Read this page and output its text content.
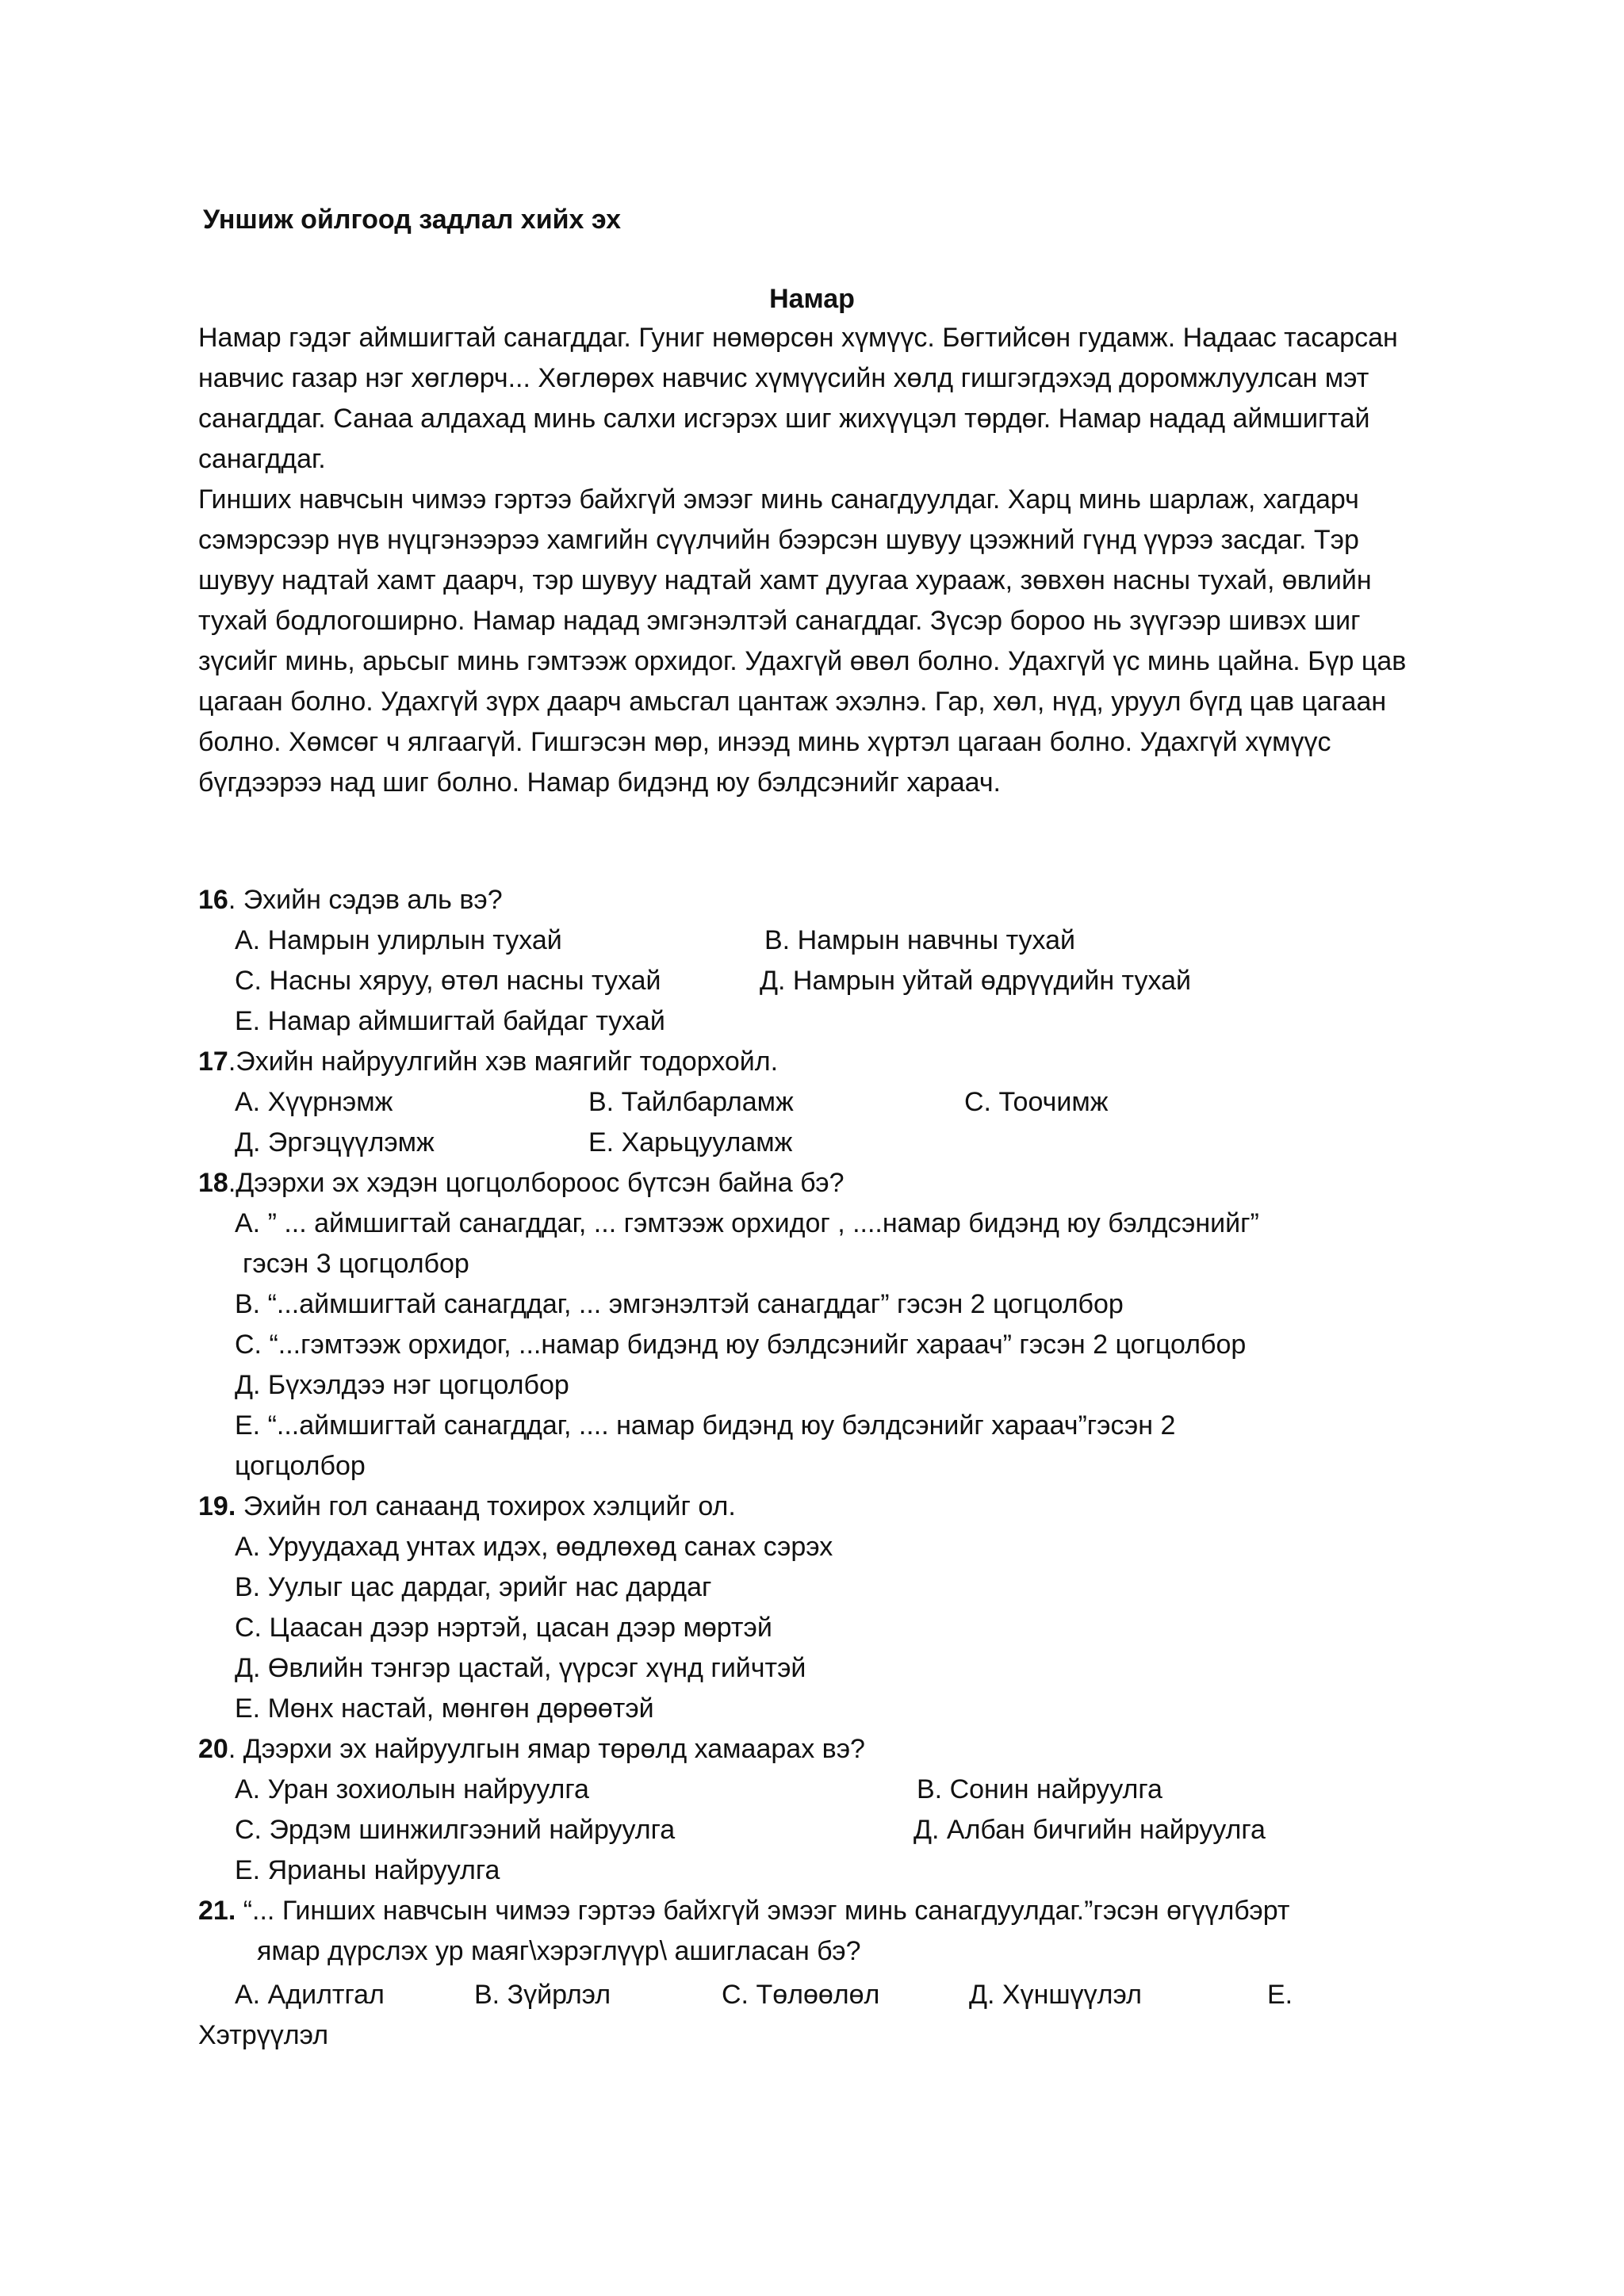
Уншиж ойлгоод задлал хийх эх
Намар

Намар гэдэг аймшигтай санагддаг. Гуниг нөмөрсөн хүмүүс. Бөгтийсөн гудамж. Надаас тасарсан навчис газар нэг хөглөрч... Хөглөрөх навчис хүмүүсийн хөлд гишгэгдэхэд доромжлуулсан мэт санагддаг. Санаа алдахад минь салхи исгэрэх шиг жихүүцэл төрдөг. Намар надад аймшигтай санагддаг.

Гинших навчсын чимээ гэртээ байхгүй эмээг минь санагдуулдаг. Харц минь шарлаж, хагдарч сэмэрсээр нүв нүцгэнээрээ хамгийн сүүлчийн бээрсэн шувуу цээжний гүнд үүрээ засдаг. Тэр шувуу надтай хамт даарч, тэр шувуу надтай хамт дуугаа хураaж, зөвхөн насны тухай, өвлийн тухай бодлогоширно. Намар надад эмгэнэлтэй санагддаг. Зүсэр бороо нь зүүгээр шивэх шиг зүсийг минь, арьсыг минь гэмтээж орхидог. Удахгүй өвөл болно. Удахгүй үс минь цайна. Бүр цав цагаан болно. Удахгүй зүрх даарч амьсгал цантаж эхэлнэ. Гар, хөл, нүд, уруул бүгд цав цагаан болно. Хөмсөг ч ялгаагүй. Гишгэсэн мөр, инээд минь хүртэл цагаан болно. Удахгүй хүмүүс бүгдээрээ над шиг болно. Намар бидэнд юу бэлдсэнийг хараач.

16. Эхийн сэдэв аль вэ?
А. Намрын улирлын тухай	В. Намрын навчны тухай
С. Насны хяруу, өтөл насны тухай	Д. Намрын уйтай өдрүүдийн тухай
Е. Намар аймшигтай байдаг тухай
17.Эхийн найруулгийн хэв маягийг тодорхойл.
А. Хүүрнэмж	В. Тайлбарламж	С. Тоочимж
Д. Эргэцүүлэмж	Е. Харьцуулaмж
18.Дээрхи эх хэдэн цогцолбороос бүтсэн байна бэ?
А. ” ... аймшигтай санагддаг, ... гэмтээж орхидог , ....намар бидэнд юу бэлдсэнийг”
гэсэн 3 цогцолбор
В. “...аймшигтай санагддаг, ... эмгэнэлтэй санагддаг” гэсэн 2 цогцолбор
С. “...гэмтээж орхидог, ...намар бидэнд юу бэлдсэнийг хараач” гэсэн 2 цогцолбор
Д. Бүхэлдээ нэг цогцолбор
Е. “...аймшигтай санагддаг, .... намар бидэнд юу бэлдсэнийг хараач”гэсэн 2
цогцолбор
19. Эхийн гол санаанд тохирох хэлцийг ол.
А. Уруудахад унтах идэх, өөдлөхөд санах сэрэх
В. Уулыг цас дардаг, эрийг нас дардаг
С. Цаасан дээр нэртэй, цасан дээр мөртэй
Д. Өвлийн тэнгэр цастай, үүрсэг хүнд гийчтэй
Е. Мөнх настай, мөнгөн дөрөөтэй
20. Дээрхи эх найруулгын ямар төрөлд хамаарах вэ?
А. Уран зохиолын найруулга	В. Сонин найруулга
С. Эрдэм шинжилгээний найруулга	Д. Албан бичгийн найруулга
Е. Ярианы найруулга
21. “... Гинших навчсын чимээ гэртээ байхгүй эмээг минь санагдуулдаг.”гэсэн өгүүлбэрт
ямар дүрслэх ур маяг\хэрэглүүр\ ашигласан бэ?
А. Адилтгал	В. Зүйрлэл	С. Төлөөлөл	Д. Хүншүүлэл	Е.
Хэтрүүлэл
